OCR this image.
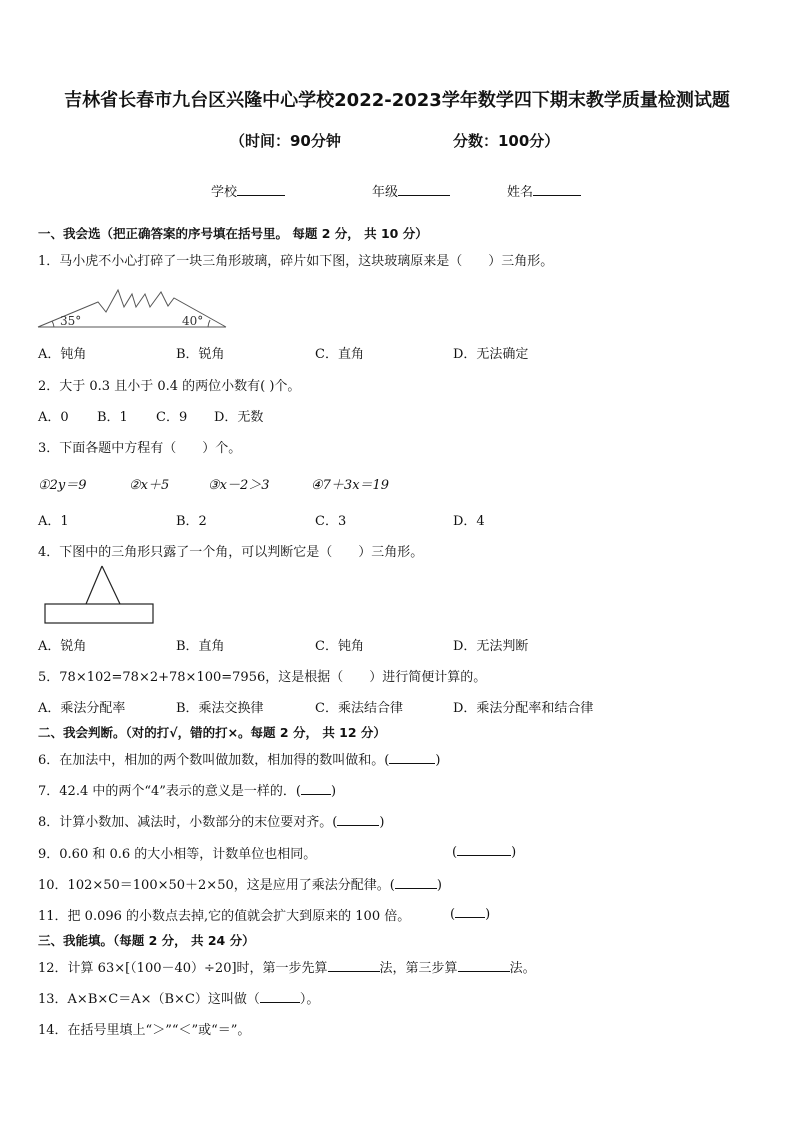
吉林省长春市九台区兴隆中心学校2022-2023学年数学四下期末教学质量检测试题
（时间：90分钟	分数：100分）
学校	年级	姓名
一、我会选（把正确答案的序号填在括号里。 每题 2 分， 共 10 分）
1．马小虎不小心打碎了一块三角形玻璃，碎片如下图，这块玻璃原来是（　　）三角形。
35°	40°
A．钝角	B．锐角	C．直角	D．无法确定
2．大于 0.3 且小于 0.4 的两位小数有( )个。
A．0 B．1 C．9 D．无数
3．下面各题中方程有（　　）个。
①2y＝9	②x＋5	③x－2＞3	④7＋3x＝19
A．1	B．2	C．3	D．4
4．下图中的三角形只露了一个角，可以判断它是（　　）三角形。
A．锐角	B．直角	C．钝角	D．无法判断
5．78×102=78×2+78×100=7956，这是根据（　　）进行简便计算的。
A．乘法分配率	B．乘法交换律	C．乘法结合律	D．乘法分配率和结合律
二、我会判断。（对的打√，错的打×。每题 2 分， 共 12 分）
6．在加法中，相加的两个数叫做加数，相加得的数叫做和。(	)
7．42.4 中的两个“4”表示的意义是一样的．( )
8．计算小数加、减法时，小数部分的末位要对齐。(	)
9．0.60 和 0.6 的大小相等，计数单位也相同。	(	)
10．102×50＝100×50＋2×50，这是应用了乘法分配律。(	)
11．把 0.096 的小数点去掉,它的值就会扩大到原来的 100 倍。	( )
三、我能填。（每题 2 分， 共 24 分）
12．计算 63×[（100－40）÷20]时，第一步先算	法，第三步算	法。
13．A×B×C＝A×（B×C）这叫做（	）。
14．在括号里填上“＞”“＜”或“＝”。
